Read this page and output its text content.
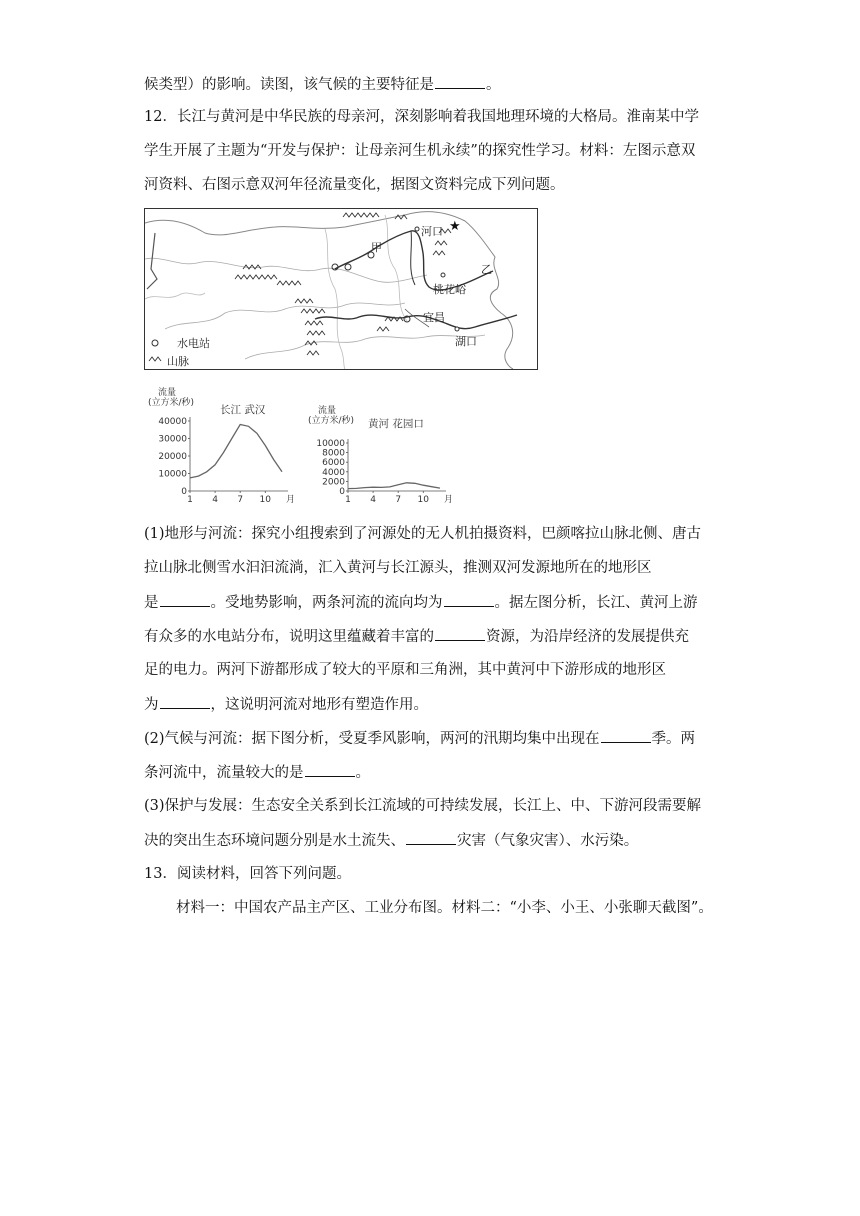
候类型）的影响。读图，该气候的主要特征是	。
12．长江与黄河是中华民族的母亲河，深刻影响着我国地理环境的大格局。淮南某中学
学生开展了主题为“开发与保护：让母亲河生机永续”的探究性学习。材料：左图示意双
河资料、右图示意双河年径流量变化，据图文资料完成下列问题。
★
河口
甲
乙
桃花峪
宜昌
湖口
水电站
山脉
流量
(立方米/秒)
长江 武汉
0
10000
20000
30000
40000
1 4 7 10 月
流量
(立方米/秒) 黄河 花园口
0
2000
4000
6000
8000
10000
1 4 7 10 月
(1)地形与河流：探究小组搜索到了河源处的无人机拍摄资料，巴颜喀拉山脉北侧、唐古
拉山脉北侧雪水汩汩流淌，汇入黄河与长江源头，推测双河发源地所在的地形区
是	。受地势影响，两条河流的流向均为	。据左图分析，长江、黄河上游
有众多的水电站分布，说明这里蕴藏着丰富的	资源，为沿岸经济的发展提供充
足的电力。两河下游都形成了较大的平原和三角洲，其中黄河中下游形成的地形区
为	，这说明河流对地形有塑造作用。
(2)气候与河流：据下图分析，受夏季风影响，两河的汛期均集中出现在	季。两
条河流中，流量较大的是	。
(3)保护与发展：生态安全关系到长江流域的可持续发展，长江上、中、下游河段需要解
决的突出生态环境问题分别是水土流失、	灾害（气象灾害）、水污染。
13．阅读材料，回答下列问题。
材料一：中国农产品主产区、工业分布图。材料二：“小李、小王、小张聊天截图”。
